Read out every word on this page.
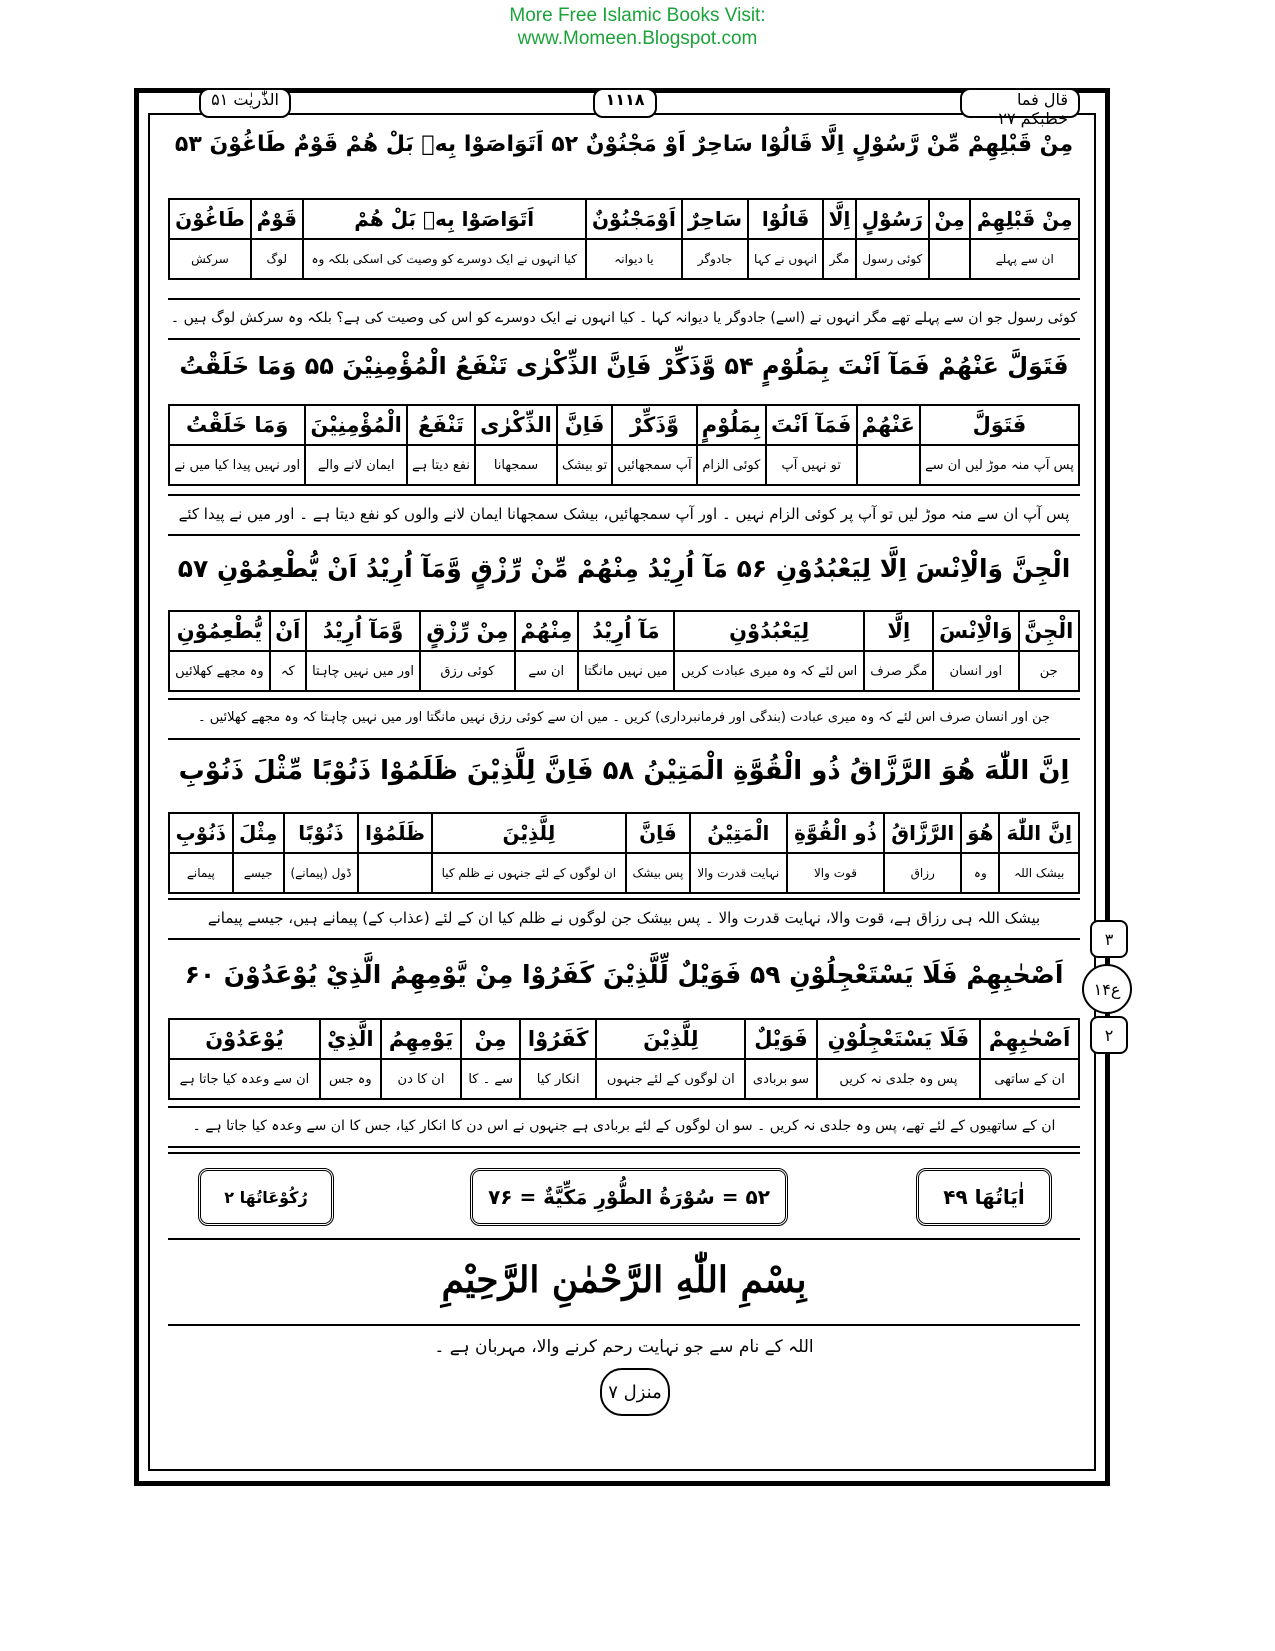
More Free Islamic Books Visit:
www.Momeen.Blogspot.com
الذّٰریٰت ۵۱	۱۱۱۸	قال فما خطبکم ۲۷
مِنْ قَبْلِهِمْ مِّنْ رَّسُوْلٍ اِلَّا قَالُوْا سَاحِرٌ اَوْ مَجْنُوْنٌ ۵۲ اَتَوَاصَوْا بِهٖ بَلْ هُمْ قَوْمٌ طَاغُوْنَ ۵۳
مِنْ قَبْلِهِمْ	مِنْ	رَسُوْلٍ	اِلَّا	قَالُوْا	سَاحِرٌ	اَوْمَجْنُوْنٌ	اَتَوَاصَوْا بِهٖ بَلْ هُمْ	قَوْمٌ	طَاغُوْنَ
ان سے پہلے		کوئی رسول	مگر	انہوں نے کہا	جادوگر	یا دیوانہ	کیا انہوں نے ایک دوسرے کو وصیت کی اسکی بلکہ وہ	لوگ	سرکش
کوئی رسول جو ان سے پہلے تھے مگر انہوں نے (اسے) جادوگر یا دیوانہ کہا ۔ کیا انہوں نے ایک دوسرے کو اس کی وصیت کی ہے؟ بلکہ وہ سرکش لوگ ہیں ۔
فَتَوَلَّ عَنْهُمْ فَمَآ اَنْتَ بِمَلُوْمٍ ۵۴ وَّذَكِّرْ فَاِنَّ الذِّكْرٰى تَنْفَعُ الْمُؤْمِنِيْنَ ۵۵ وَمَا خَلَقْتُ
فَتَوَلَّ	عَنْهُمْ	فَمَآ اَنْتَ	بِمَلُوْمٍ	وَّذَكِّرْ	فَاِنَّ	الذِّكْرٰى	تَنْفَعُ	الْمُؤْمِنِيْنَ	وَمَا خَلَقْتُ
پس آپ منہ موڑ لیں ان سے		تو نہیں آپ	کوئی الزام	آپ سمجھائیں	تو بیشک	سمجھانا	نفع دیتا ہے	ایمان لانے والے	اور نہیں پیدا کیا میں نے
پس آپ ان سے منہ موڑ لیں تو آپ پر کوئی الزام نہیں ۔ اور آپ سمجھائیں، بیشک سمجھانا ایمان لانے والوں کو نفع دیتا ہے ۔ اور میں نے پیدا کئے
الْجِنَّ وَالْاِنْسَ اِلَّا لِيَعْبُدُوْنِ ۵۶ مَآ اُرِيْدُ مِنْهُمْ مِّنْ رِّزْقٍ وَّمَآ اُرِيْدُ اَنْ يُّطْعِمُوْنِ ۵۷
الْجِنَّ	وَالْاِنْسَ	اِلَّا	لِيَعْبُدُوْنِ	مَآ اُرِيْدُ	مِنْهُمْ	مِنْ رِّزْقٍ	وَّمَآ اُرِيْدُ	اَنْ	يُّطْعِمُوْنِ
جن	اور انسان	مگر صرف	اس لئے کہ وہ میری عبادت کریں	میں نہیں مانگتا	ان سے	کوئی رزق	اور میں نہیں چاہتا	کہ	وہ مجھے کھلائیں
جن اور انسان صرف اس لئے کہ وہ میری عبادت (بندگی اور فرمانبرداری) کریں ۔ میں ان سے کوئی رزق نہیں مانگتا اور میں نہیں چاہتا کہ وہ مجھے کھلائیں ۔
اِنَّ اللّٰهَ هُوَ الرَّزَّاقُ ذُو الْقُوَّةِ الْمَتِيْنُ ۵۸ فَاِنَّ لِلَّذِيْنَ ظَلَمُوْا ذَنُوْبًا مِّثْلَ ذَنُوْبِ
اِنَّ اللّٰهَ	هُوَ	الرَّزَّاقُ	ذُو الْقُوَّةِ	الْمَتِيْنُ	فَاِنَّ	لِلَّذِيْنَ	ظَلَمُوْا	ذَنُوْبًا	مِثْلَ	ذَنُوْبِ
بیشک اللہ	وہ	رزاق	قوت والا	نہایت قدرت والا	پس بیشک	ان لوگوں کے لئے جنہوں نے ظلم کیا		ڈول (پیمانے)	جیسے	پیمانے
بیشک اللہ ہی رزاق ہے، قوت والا، نہایت قدرت والا ۔ پس بیشک جن لوگوں نے ظلم کیا ان کے لئے (عذاب کے) پیمانے ہیں، جیسے پیمانے
۳
ع۱۴
۲
اَصْحٰبِهِمْ فَلَا يَسْتَعْجِلُوْنِ ۵۹ فَوَيْلٌ لِّلَّذِيْنَ كَفَرُوْا مِنْ يَّوْمِهِمُ الَّذِيْ يُوْعَدُوْنَ ۶۰
اَصْحٰبِهِمْ	فَلَا يَسْتَعْجِلُوْنِ	فَوَيْلٌ	لِلَّذِيْنَ	كَفَرُوْا	مِنْ	يَوْمِهِمُ	الَّذِيْ	يُوْعَدُوْنَ
ان کے ساتھی	پس وہ جلدی نہ کریں	سو بربادی	ان لوگوں کے لئے جنہوں	انکار کیا	سے ۔ کا	ان کا دن	وہ جس	ان سے وعدہ کیا جاتا ہے
ان کے ساتھیوں کے لئے تھے، پس وہ جلدی نہ کریں ۔ سو ان لوگوں کے لئے بربادی ہے جنہوں نے اس دن کا انکار کیا، جس کا ان سے وعدہ کیا جاتا ہے ۔
اٰيَاتُهَا ۴۹
۵۲ = سُوْرَةُ الطُّوْرِ مَكِّيَّةٌ = ۷۶
رُكُوْعَاتُهَا ۲
بِسْمِ اللّٰهِ الرَّحْمٰنِ الرَّحِيْمِ
اللہ کے نام سے جو نہایت رحم کرنے والا، مہربان ہے ۔
منزل ۷
